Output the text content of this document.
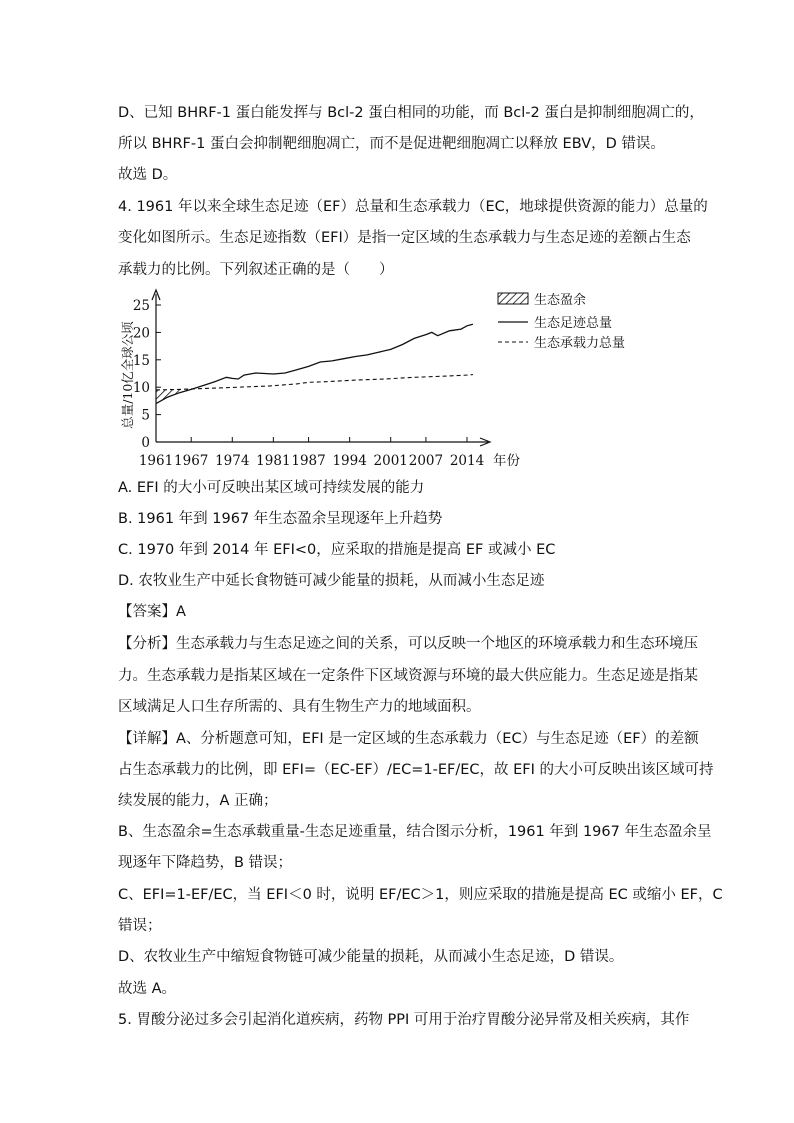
D、已知 BHRF-1 蛋白能发挥与 Bcl-2 蛋白相同的功能，而 Bcl-2 蛋白是抑制细胞凋亡的，
所以 BHRF-1 蛋白会抑制靶细胞凋亡，而不是促进靶细胞凋亡以释放 EBV，D 错误。
故选 D。
4. 1961 年以来全球生态足迹（EF）总量和生态承载力（EC，地球提供资源的能力）总量的
变化如图所示。生态足迹指数（EFI）是指一定区域的生态承载力与生态足迹的差额占生态
承载力的比例。下列叙述正确的是（　　）
0
5
10
15
20
25
1961 1967 1974 1981 1987 1994 2001 2007 2014 年份
生态盈余
生态足迹总量
生态承载力总量
总量/10亿全球公顷
A. EFI 的大小可反映出某区域可持续发展的能力
B. 1961 年到 1967 年生态盈余呈现逐年上升趋势
C. 1970 年到 2014 年 EFI<0，应采取的措施是提高 EF 或减小 EC
D. 农牧业生产中延长食物链可减少能量的损耗，从而减小生态足迹
【答案】A
【分析】生态承载力与生态足迹之间的关系，可以反映一个地区的环境承载力和生态环境压
力。生态承载力是指某区域在一定条件下区域资源与环境的最大供应能力。生态足迹是指某
区域满足人口生存所需的、具有生物生产力的地域面积。
【详解】A、分析题意可知，EFI 是一定区域的生态承载力（EC）与生态足迹（EF）的差额
占生态承载力的比例，即 EFI=（EC-EF）/EC=1-EF/EC，故 EFI 的大小可反映出该区域可持
续发展的能力，A 正确；
B、生态盈余=生态承载重量-生态足迹重量，结合图示分析，1961 年到 1967 年生态盈余呈
现逐年下降趋势，B 错误；
C、EFI=1-EF/EC，当 EFI＜0 时，说明 EF/EC＞1，则应采取的措施是提高 EC 或缩小 EF，C
错误；
D、农牧业生产中缩短食物链可减少能量的损耗，从而减小生态足迹，D 错误。
故选 A。
5. 胃酸分泌过多会引起消化道疾病，药物 PPI 可用于治疗胃酸分泌异常及相关疾病，其作
